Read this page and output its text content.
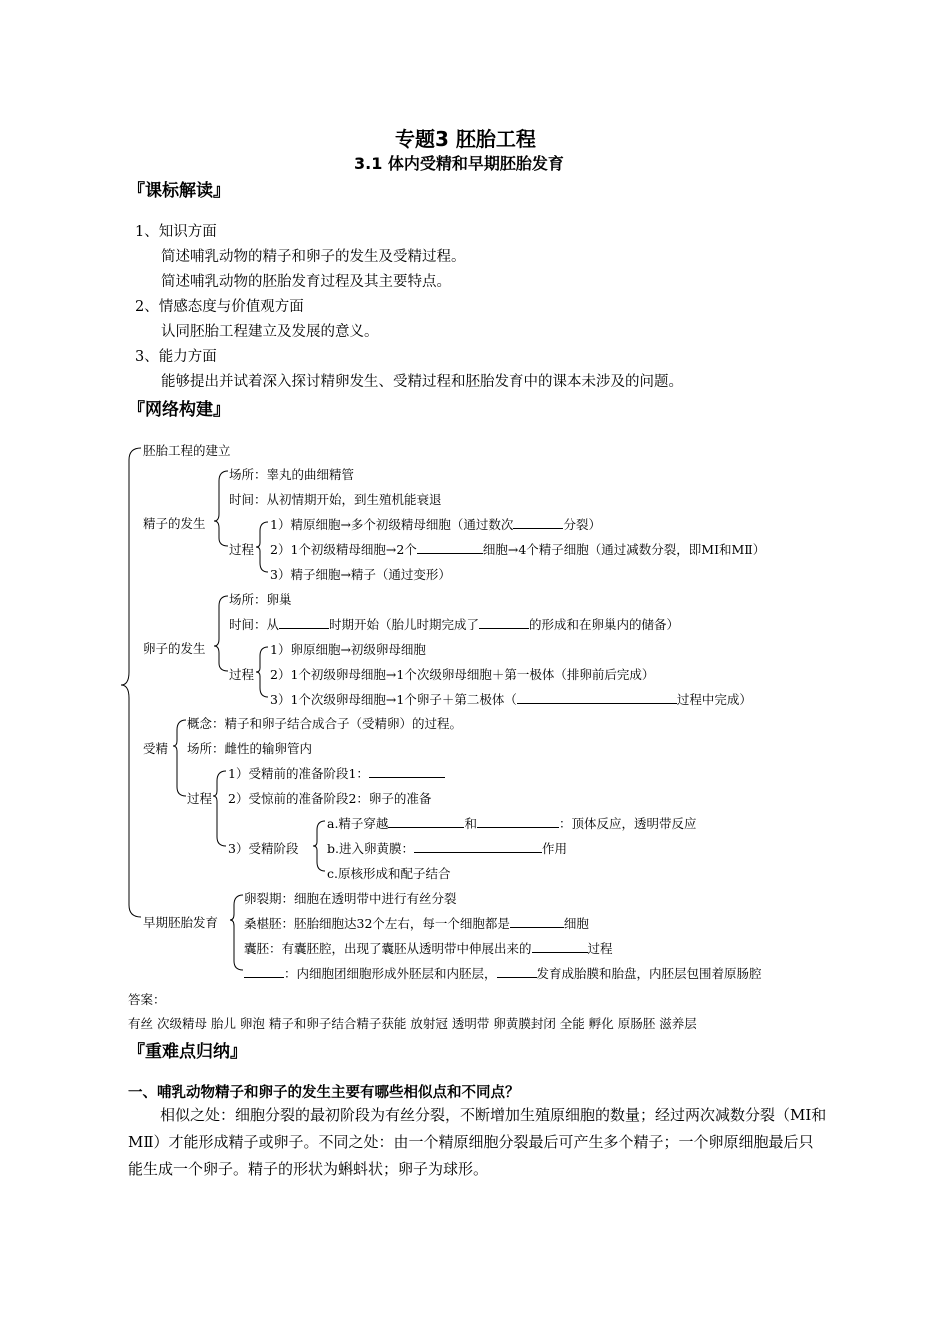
专题3 胚胎工程
3.1 体内受精和早期胚胎发育
『课标解读』
1、知识方面
简述哺乳动物的精子和卵子的发生及受精过程。
简述哺乳动物的胚胎发育过程及其主要特点。
2、情感态度与价值观方面
认同胚胎工程建立及发展的意义。
3、能力方面
能够提出并试着深入探讨精卵发生、受精过程和胚胎发育中的课本未涉及的问题。
『网络构建』
胚胎工程的建立
精子的发生
场所：睾丸的曲细精管
时间：从初情期开始，到生殖机能衰退
过程
1）精原细胞→多个初级精母细胞（通过数次	分裂）
2）1个初级精母细胞→2个	细胞→4个精子细胞（通过减数分裂，即MⅠ和MⅡ）
3）精子细胞→精子（通过变形）
卵子的发生
场所：卵巢
时间：从	时期开始（胎儿时期完成了	的形成和在卵巢内的储备）
过程
1）卵原细胞→初级卵母细胞
2）1个初级卵母细胞→1个次级卵母细胞＋第一极体（排卵前后完成）
3）1个次级卵母细胞→1个卵子＋第二极体（	过程中完成）
受精
概念：精子和卵子结合成合子（受精卵）的过程。
场所：雌性的输卵管内
过程
1）受精前的准备阶段1：
2）受惊前的准备阶段2：卵子的准备
3）受精阶段
a.精子穿越	和	：顶体反应，透明带反应
b.进入卵黄膜：	作用
c.原核形成和配子结合
早期胚胎发育
卵裂期：细胞在透明带中进行有丝分裂
桑椹胚：胚胎细胞达32个左右，每一个细胞都是	细胞
囊胚：有囊胚腔，出现了囊胚从透明带中伸展出来的	过程
：内细胞团细胞形成外胚层和内胚层，	发育成胎膜和胎盘，内胚层包围着原肠腔
答案：
有丝 次级精母 胎儿 卵泡 精子和卵子结合精子获能 放射冠 透明带 卵黄膜封闭 全能 孵化 原肠胚 滋养层
『重难点归纳』
一、哺乳动物精子和卵子的发生主要有哪些相似点和不同点？
相似之处：细胞分裂的最初阶段为有丝分裂，不断增加生殖原细胞的数量；经过两次减数分裂（MⅠ和MⅡ）才能形成精子或卵子。不同之处：由一个精原细胞分裂最后可产生多个精子；一个卵原细胞最后只能生成一个卵子。精子的形状为蝌蚪状；卵子为球形。
